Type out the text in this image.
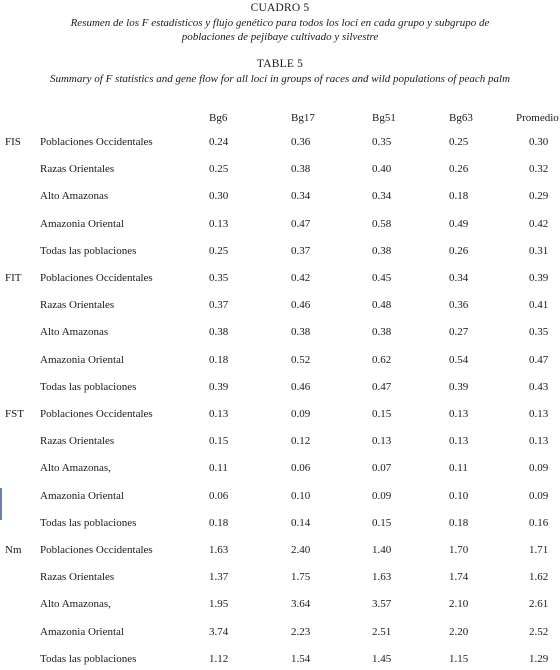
CUADRO 5
Resumen de los F estadísticos y flujo genético para todos los loci en cada grupo y subgrupo de poblaciones de pejibaye cultivado y silvestre
TABLE 5
Summary of F statistics and gene flow for all loci in groups of races and wild populations of peach palm
Bg6	Bg17	Bg51	Bg63	Promedio
FIS Poblaciones Occidentales	0.24	0.36	0.35	0.25	0.30
Razas Orientales	0.25	0.38	0.40	0.26	0.32
Alto Amazonas	0.30	0.34	0.34	0.18	0.29
Amazonia Oriental	0.13	0.47	0.58	0.49	0.42
Todas las poblaciones	0.25	0.37	0.38	0.26	0.31
FIT Poblaciones Occidentales	0.35	0.42	0.45	0.34	0.39
Razas Orientales	0.37	0.46	0.48	0.36	0.41
Alto Amazonas	0.38	0.38	0.38	0.27	0.35
Amazonia Oriental	0.18	0.52	0.62	0.54	0.47
Todas las poblaciones	0.39	0.46	0.47	0.39	0.43
FST Poblaciones Occidentales	0.13	0.09	0.15	0.13	0.13
Razas Orientales	0.15	0.12	0.13	0.13	0.13
Alto Amazonas,	0.11	0.06	0.07	0.11	0.09
Amazonia Oriental	0.06	0.10	0.09	0.10	0.09
Todas las poblaciones	0.18	0.14	0.15	0.18	0.16
Nm Poblaciones Occidentales	1.63	2.40	1.40	1.70	1.71
Razas Orientales	1.37	1.75	1.63	1.74	1.62
Alto Amazonas,	1.95	3.64	3.57	2.10	2.61
Amazonia Oriental	3.74	2.23	2.51	2.20	2.52
Todas las poblaciones	1.12	1.54	1.45	1.15	1.29
